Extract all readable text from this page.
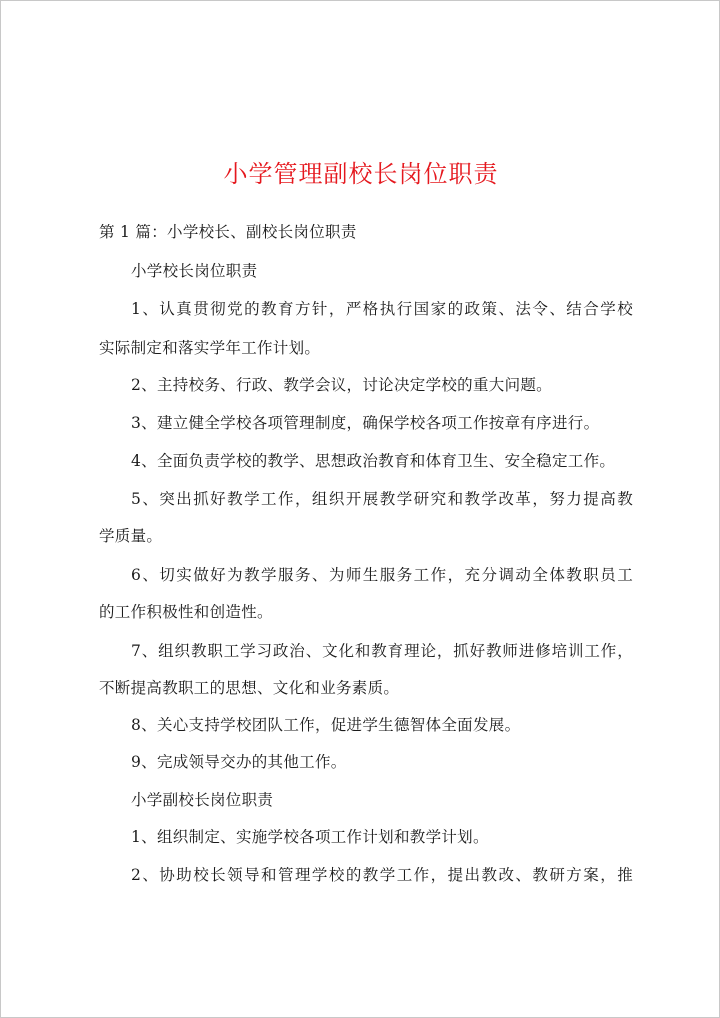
小学管理副校长岗位职责
第 1 篇：小学校长、副校长岗位职责
小学校长岗位职责
1、认真贯彻党的教育方针，严格执行国家的政策、法令、结合学校
实际制定和落实学年工作计划。
2、主持校务、行政、教学会议，讨论决定学校的重大问题。
3、建立健全学校各项管理制度，确保学校各项工作按章有序进行。
4、全面负责学校的教学、思想政治教育和体育卫生、安全稳定工作。
5、突出抓好教学工作，组织开展教学研究和教学改革，努力提高教
学质量。
6、切实做好为教学服务、为师生服务工作，充分调动全体教职员工
的工作积极性和创造性。
7、组织教职工学习政治、文化和教育理论，抓好教师进修培训工作，
不断提高教职工的思想、文化和业务素质。
8、关心支持学校团队工作，促进学生德智体全面发展。
9、完成领导交办的其他工作。
小学副校长岗位职责
1、组织制定、实施学校各项工作计划和教学计划。
2、协助校长领导和管理学校的教学工作，提出教改、教研方案，推
